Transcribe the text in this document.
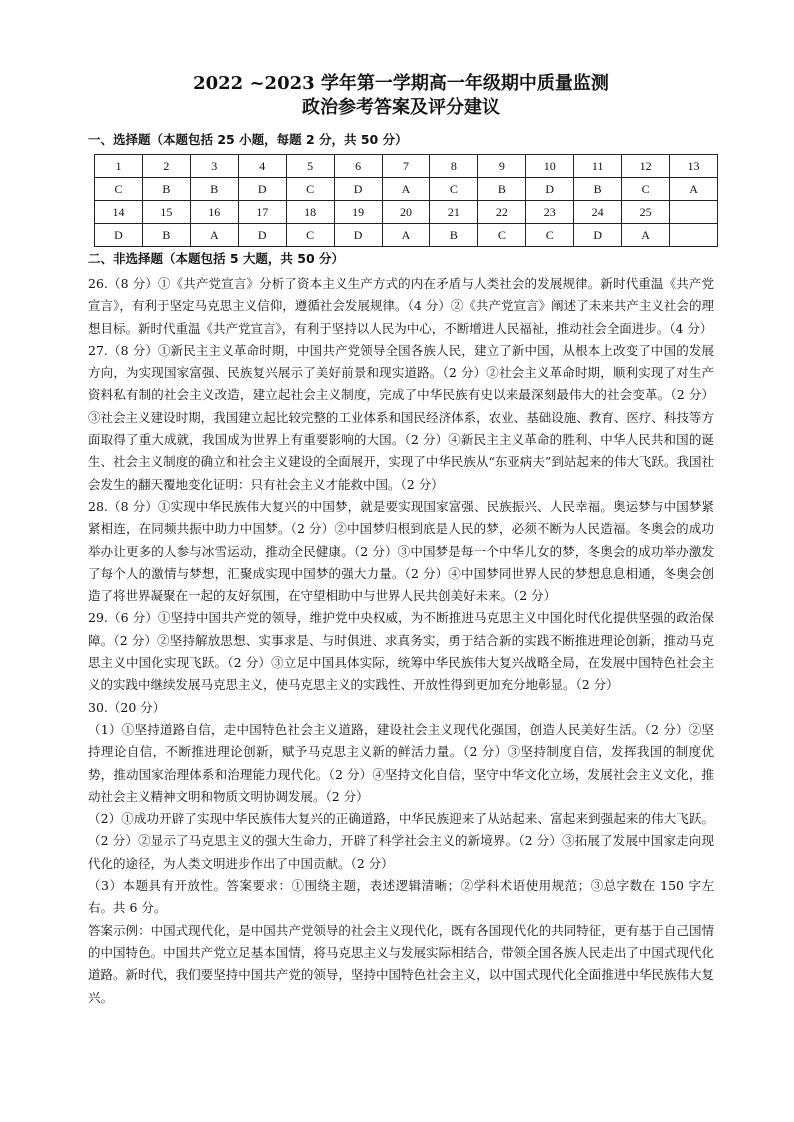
2022 ~2023 学年第一学期高一年级期中质量监测
政治参考答案及评分建议
一、选择题（本题包括 25 小题，每题 2 分，共 50 分）
1	2	3	4	5	6	7	8	9	10	11	12	13
C	B	B	D	C	D	A	C	B	D	B	C	A
14	15	16	17	18	19	20	21	22	23	24	25	
D	B	A	D	C	D	A	B	C	C	D	A	
二、非选择题（本题包括 5 大题，共 50 分）

26.（8 分）①《共产党宣言》分析了资本主义生产方式的内在矛盾与人类社会的发展规律。新时代重温《共产党宣言》，有利于坚定马克思主义信仰，遵循社会发展规律。（4 分）②《共产党宣言》阐述了未来共产主义社会的理想目标。新时代重温《共产党宣言》，有利于坚持以人民为中心，不断增进人民福祉，推动社会全面进步。（4 分）

27.（8 分）①新民主主义革命时期，中国共产党领导全国各族人民，建立了新中国，从根本上改变了中国的发展方向，为实现国家富强、民族复兴展示了美好前景和现实道路。（2 分）②社会主义革命时期，顺利实现了对生产资料私有制的社会主义改造，建立起社会主义制度，完成了中华民族有史以来最深刻最伟大的社会变革。（2 分）③社会主义建设时期，我国建立起比较完整的工业体系和国民经济体系，农业、基础设施、教育、医疗、科技等方面取得了重大成就，我国成为世界上有重要影响的大国。（2 分）④新民主主义革命的胜利、中华人民共和国的诞生、社会主义制度的确立和社会主义建设的全面展开，实现了中华民族从“东亚病夫”到站起来的伟大飞跃。我国社会发生的翻天覆地变化证明：只有社会主义才能救中国。（2 分）

28.（8 分）①实现中华民族伟大复兴的中国梦，就是要实现国家富强、民族振兴、人民幸福。奥运梦与中国梦紧紧相连，在同频共振中助力中国梦。（2 分）②中国梦归根到底是人民的梦，必须不断为人民造福。冬奥会的成功举办让更多的人参与冰雪运动，推动全民健康。（2 分）③中国梦是每一个中华儿女的梦，冬奥会的成功举办激发了每个人的激情与梦想，汇聚成实现中国梦的强大力量。（2 分）④中国梦同世界人民的梦想息息相通，冬奥会创造了将世界凝聚在一起的友好氛围，在守望相助中与世界人民共创美好未来。（2 分）

29.（6 分）①坚持中国共产党的领导，维护党中央权威，为不断推进马克思主义中国化时代化提供坚强的政治保障。（2 分）②坚持解放思想、实事求是、与时俱进、求真务实，勇于结合新的实践不断推进理论创新，推动马克思主义中国化实现飞跃。（2 分）③立足中国具体实际，统筹中华民族伟大复兴战略全局，在发展中国特色社会主义的实践中继续发展马克思主义，使马克思主义的实践性、开放性得到更加充分地彰显。（2 分）

30.（20 分）

（1）①坚持道路自信，走中国特色社会主义道路，建设社会主义现代化强国，创造人民美好生活。（2 分）②坚持理论自信，不断推进理论创新，赋予马克思主义新的鲜活力量。（2 分）③坚持制度自信，发挥我国的制度优势，推动国家治理体系和治理能力现代化。（2 分）④坚持文化自信，坚守中华文化立场，发展社会主义文化，推动社会主义精神文明和物质文明协调发展。（2 分）

（2）①成功开辟了实现中华民族伟大复兴的正确道路，中华民族迎来了从站起来、富起来到强起来的伟大飞跃。（2 分）②显示了马克思主义的强大生命力，开辟了科学社会主义的新境界。（2 分）③拓展了发展中国家走向现代化的途径，为人类文明进步作出了中国贡献。（2 分）

（3）本题具有开放性。答案要求：①围绕主题，表述逻辑清晰；②学科术语使用规范；③总字数在 150 字左右。共 6 分。

答案示例：中国式现代化，是中国共产党领导的社会主义现代化，既有各国现代化的共同特征，更有基于自己国情的中国特色。中国共产党立足基本国情，将马克思主义与发展实际相结合，带领全国各族人民走出了中国式现代化道路。新时代，我们要坚持中国共产党的领导，坚持中国特色社会主义，以中国式现代化全面推进中华民族伟大复兴。
